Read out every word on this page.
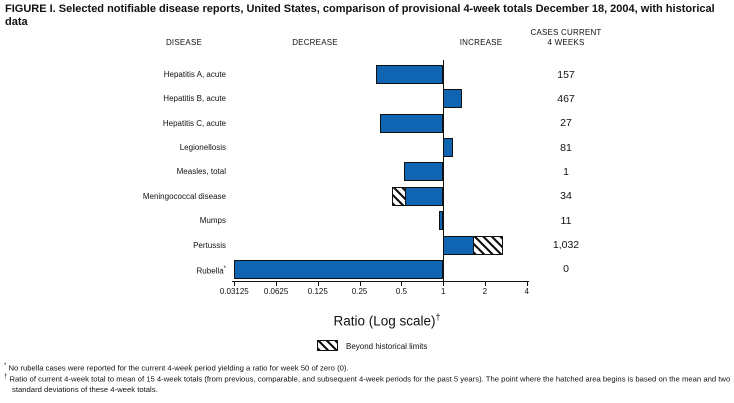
FIGURE I. Selected notifiable disease reports, United States, comparison of provisional 4-week totals December 18, 2004, with historical data
DISEASE	DECREASE	INCREASE
CASES CURRENT
4 WEEKS
Hepatitis A, acute	157
Hepatitis B, acute	467
Hepatitis C, acute	27
Legionellosis	81
Measles, total	1
Meningococcal disease	34
Mumps	11
Pertussis	1,032
Rubella*	0
0.03125 0.0625 0.125	0.25	0.5	1	2	4
Ratio (Log scale)†
Beyond historical limits
* No rubella cases were reported for the current 4-week period yielding a ratio for week 50 of zero (0).
† Ratio of current 4-week total to mean of 15 4-week totals (from previous, comparable, and subsequent 4-week periods for the past 5 years). The point where the hatched area begins is based on the mean and two standard deviations of these 4-week totals.
